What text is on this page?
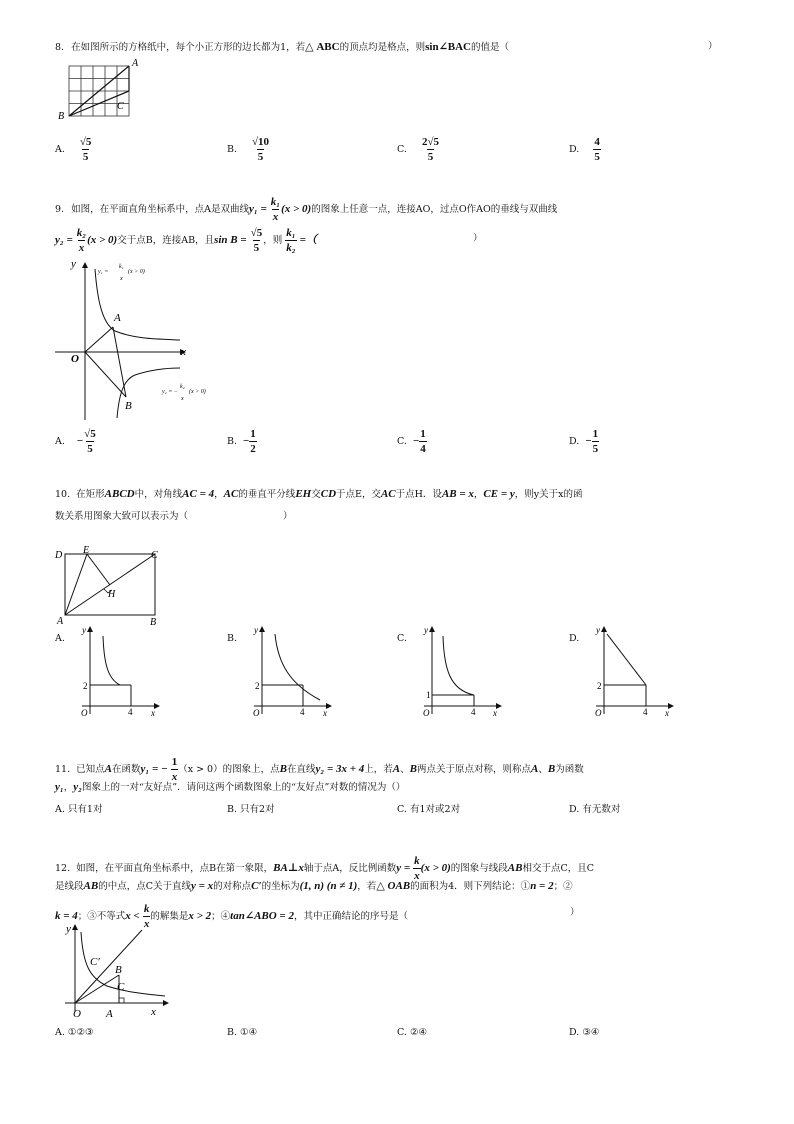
8. 在如图所示的方格纸中，每个小正方形的边长都为1，若△ ABC的顶点均是格点，则sin∠BAC的值是（	）
A
B
C
A. $\frac{√5}{5}$	B. $\frac{√10}{5}$	C. $\frac{2√5}{5}$	D. $\frac{4}{5}$
9. 如图，在平面直角坐标系中，点A是双曲线$y_1 = \frac{\text{k₁}}{x} (x > 0)$的图象上任意一点，连接AO，过点O作AO的垂线与双曲线
$y_2 = \frac{\text{k₂}}{x} (x > 0)$交于点B，连接AB，且$\sin B = \frac{√5}{5}$ ，则 $\frac{\text{k₁}}{\text{k₂}}$ =（	）
y
x
O
A
B
y₁ =
k₁
x
(x > 0)
y₂ = −
k₂
x
(x > 0)
A. − $\frac{√5}{5}$	B. − $\frac{1}{2}$	C. − $\frac{1}{4}$	D. − $\frac{1}{5}$
10. 在矩形ABCD中，对角线AC = 4，AC的垂直平分线EH交CD于点E，交AC于点H．设AB = x，CE = y，则y关于x的函
数关系用图象大致可以表示为（	）
D E	C
H
A	B
A.	B.	C.	D.
y
x
O
2
4
y
x
O
2
4
y
x
O
1
4
y
x
O
2
4
11. 已知点A在函数y₁ = − $\frac{1}{x} (x > 0)$的图象上，点B在直线y₂ = 3x + 4上，若A、B两点关于原点对称，则称点A、B为函数
y₁，y₂图象上的一对“友好点”．请问这两个函数图象上的“友好点”对数的情况为（）
A. 只有1对	B. 只有2对	C. 有1对或2对	D. 有无数对
12. 如图，在平面直角坐标系中，点B在第一象限，BA⊥x轴于点A，反比例函数$y = \frac{k}{x} (x > 0)$的图象与线段AB相交于点C，且C
是线段AB的中点，点C关于直线y = x的对称点C′的坐标为(1, n) (n ≠ 1)，若△ OAB的面积为4．则下列结论：①n = 2；②
k = 4；③不等式$x < \frac{k}{x}$ 的解集是x > 2；④tan∠ABO = 2，其中正确结论的序号是（	）
y
x
O A
B
C
C′
A. ①②③	B. ①④	C. ②④	D. ③④
